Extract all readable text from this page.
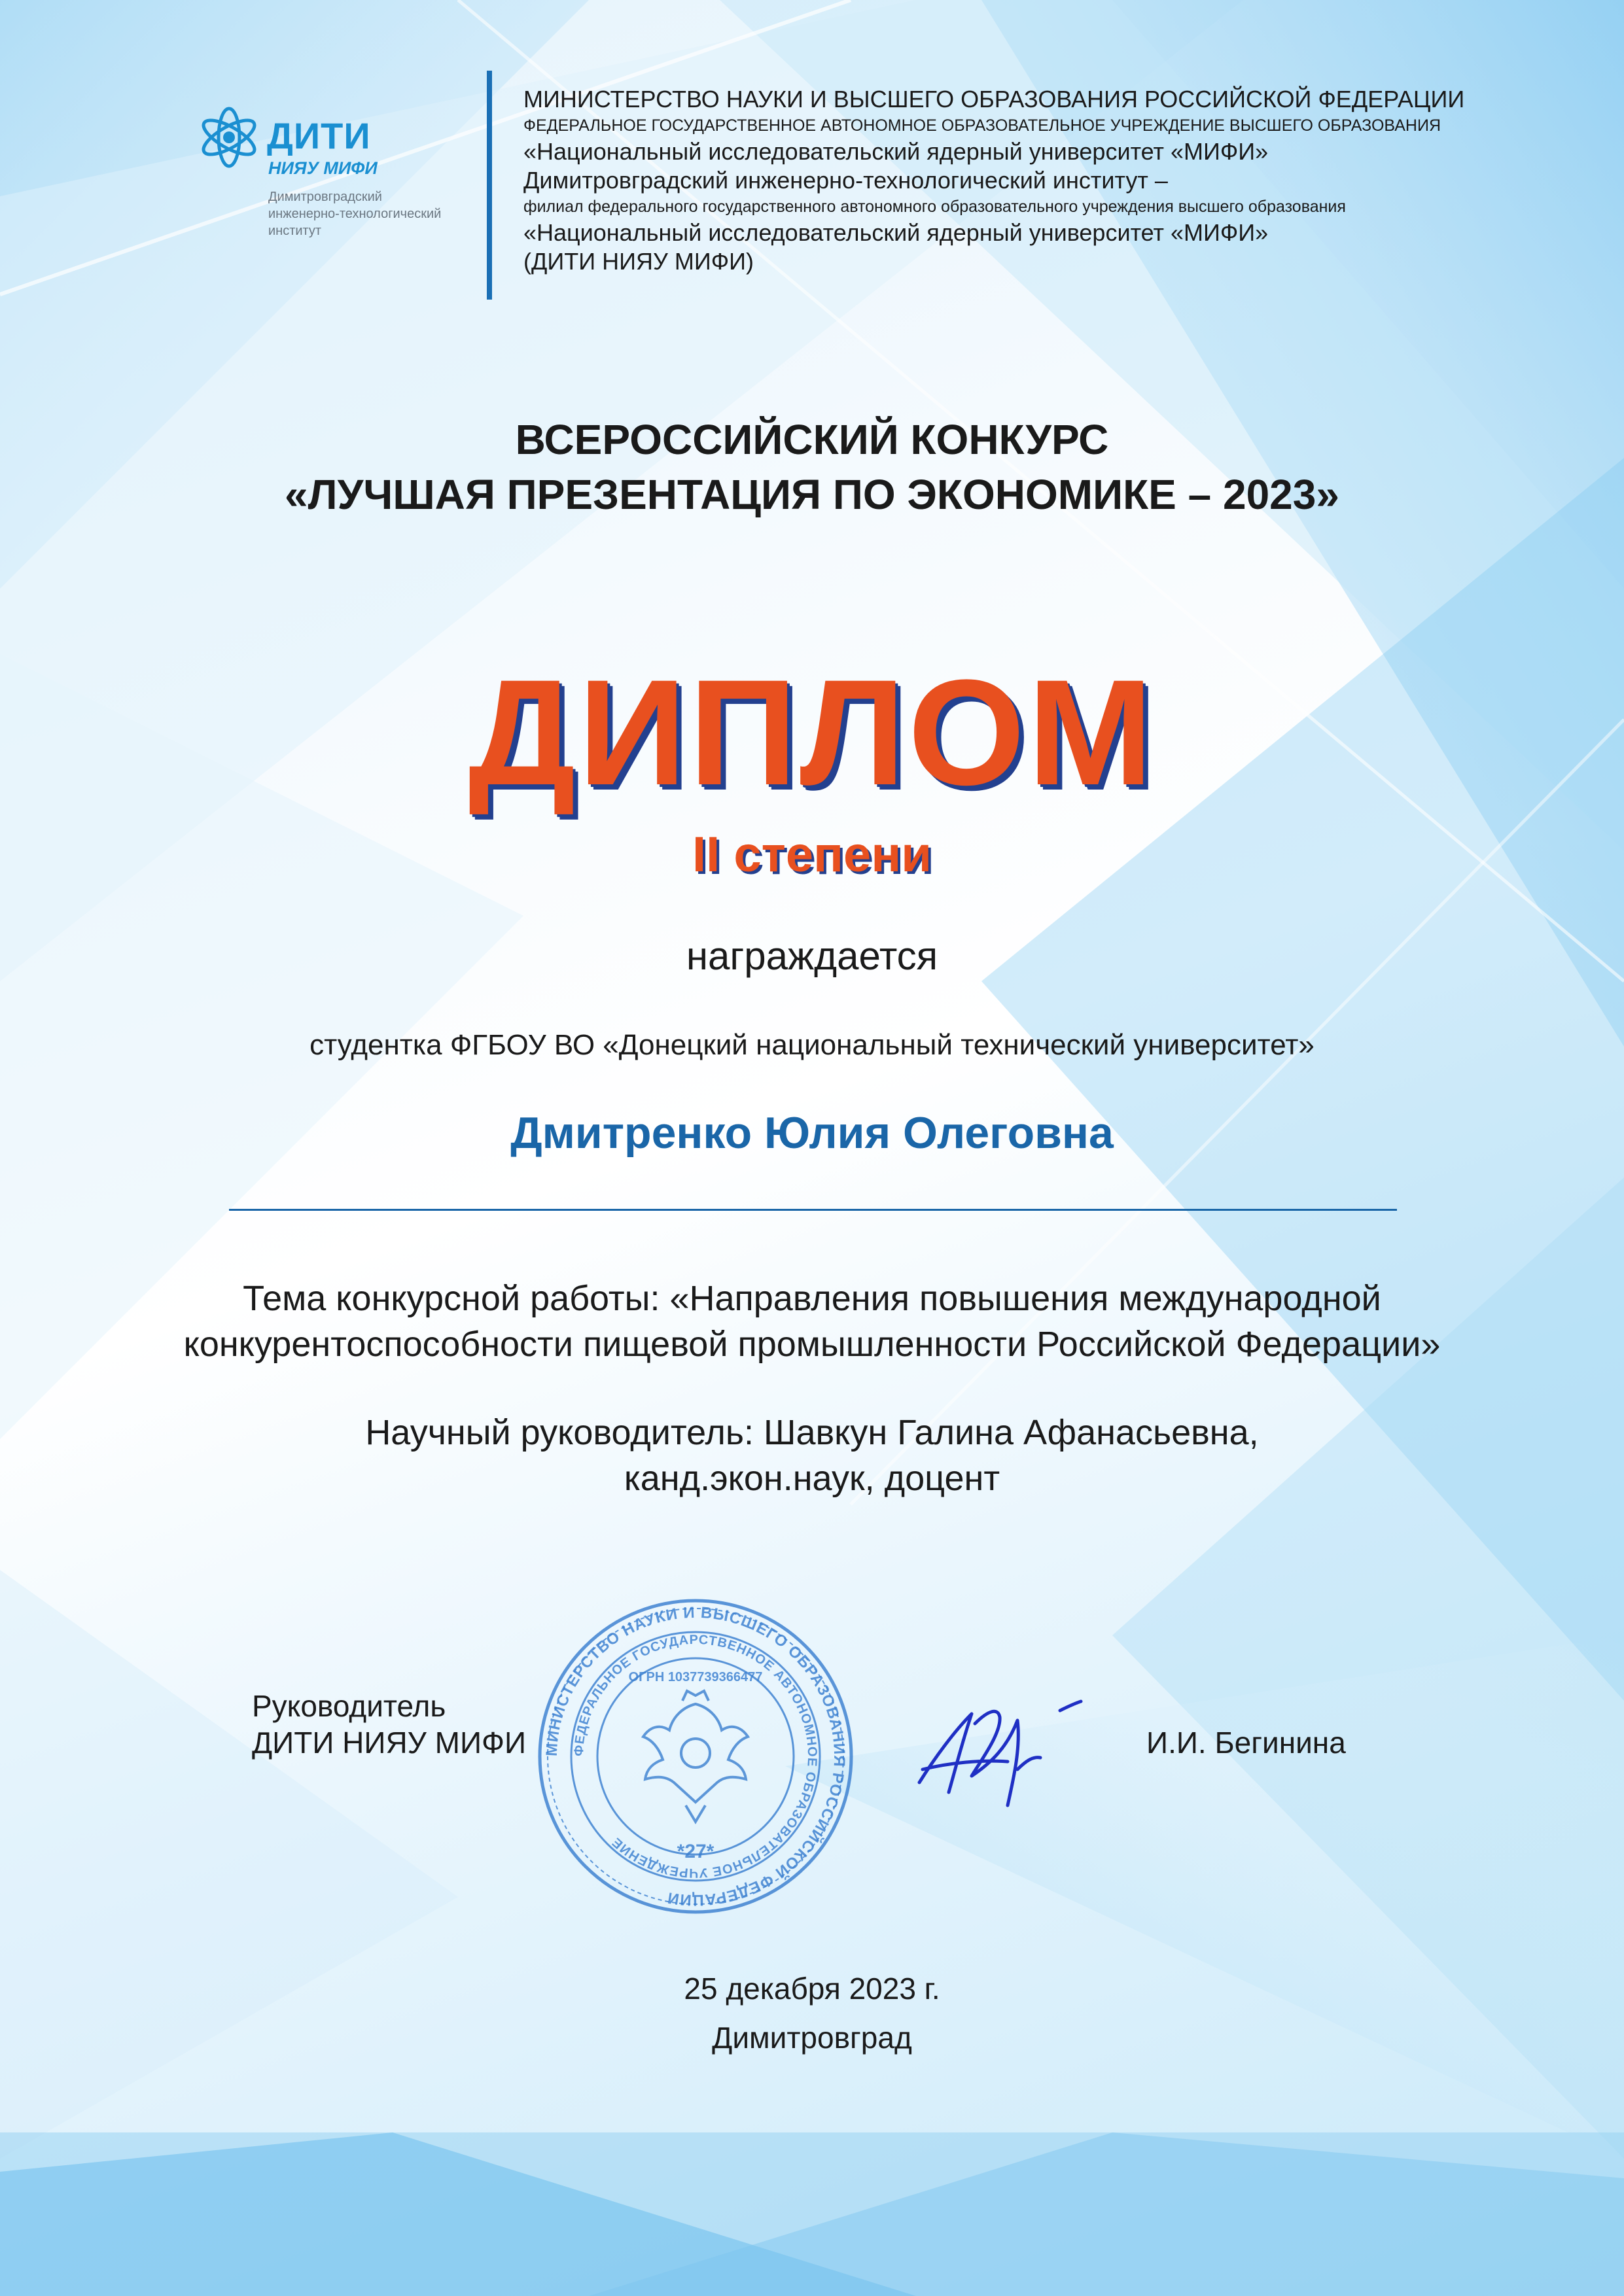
ДИТИ
НИЯУ МИФИ
Димитровградский
инженерно-технологический
институт
МИНИСТЕРСТВО НАУКИ И ВЫСШЕГО ОБРАЗОВАНИЯ РОССИЙСКОЙ ФЕДЕРАЦИИ
ФЕДЕРАЛЬНОЕ ГОСУДАРСТВЕННОЕ АВТОНОМНОЕ ОБРАЗОВАТЕЛЬНОЕ УЧРЕЖДЕНИЕ ВЫСШЕГО ОБРАЗОВАНИЯ
«Национальный исследовательский ядерный университет «МИФИ»
Димитровградский инженерно-технологический институт –
филиал федерального государственного автономного образовательного учреждения высшего образования
«Национальный исследовательский ядерный университет «МИФИ»
(ДИТИ НИЯУ МИФИ)
ВСЕРОССИЙСКИЙ КОНКУРС
«ЛУЧШАЯ ПРЕЗЕНТАЦИЯ ПО ЭКОНОМИКЕ – 2023»
ДИПЛОМ
II степени
награждается
студентка ФГБОУ ВО «Донецкий национальный технический университет»
Дмитренко Юлия Олеговна
Тема конкурсной работы: «Направления повышения международной
конкурентоспособности пищевой промышленности Российской Федерации»
Научный руководитель: Шавкун Галина Афанасьевна,
канд.экон.наук, доцент
Руководитель
ДИТИ НИЯУ МИФИ МИНИСТЕРСТВО НАУКИ И ВЫСШЕГО ОБРАЗОВАНИЯ РОССИЙСКОЙ ФЕДЕРАЦИИ
ФЕДЕРАЛЬНОЕ ГОСУДАРСТВЕННОЕ АВТОНОМНОЕ ОБРАЗОВАТЕЛЬНОЕ УЧРЕЖДЕНИЕ	*27*
ОГРН 1037739366477
И.И. Бегинина
25 декабря 2023 г.
Димитровград
